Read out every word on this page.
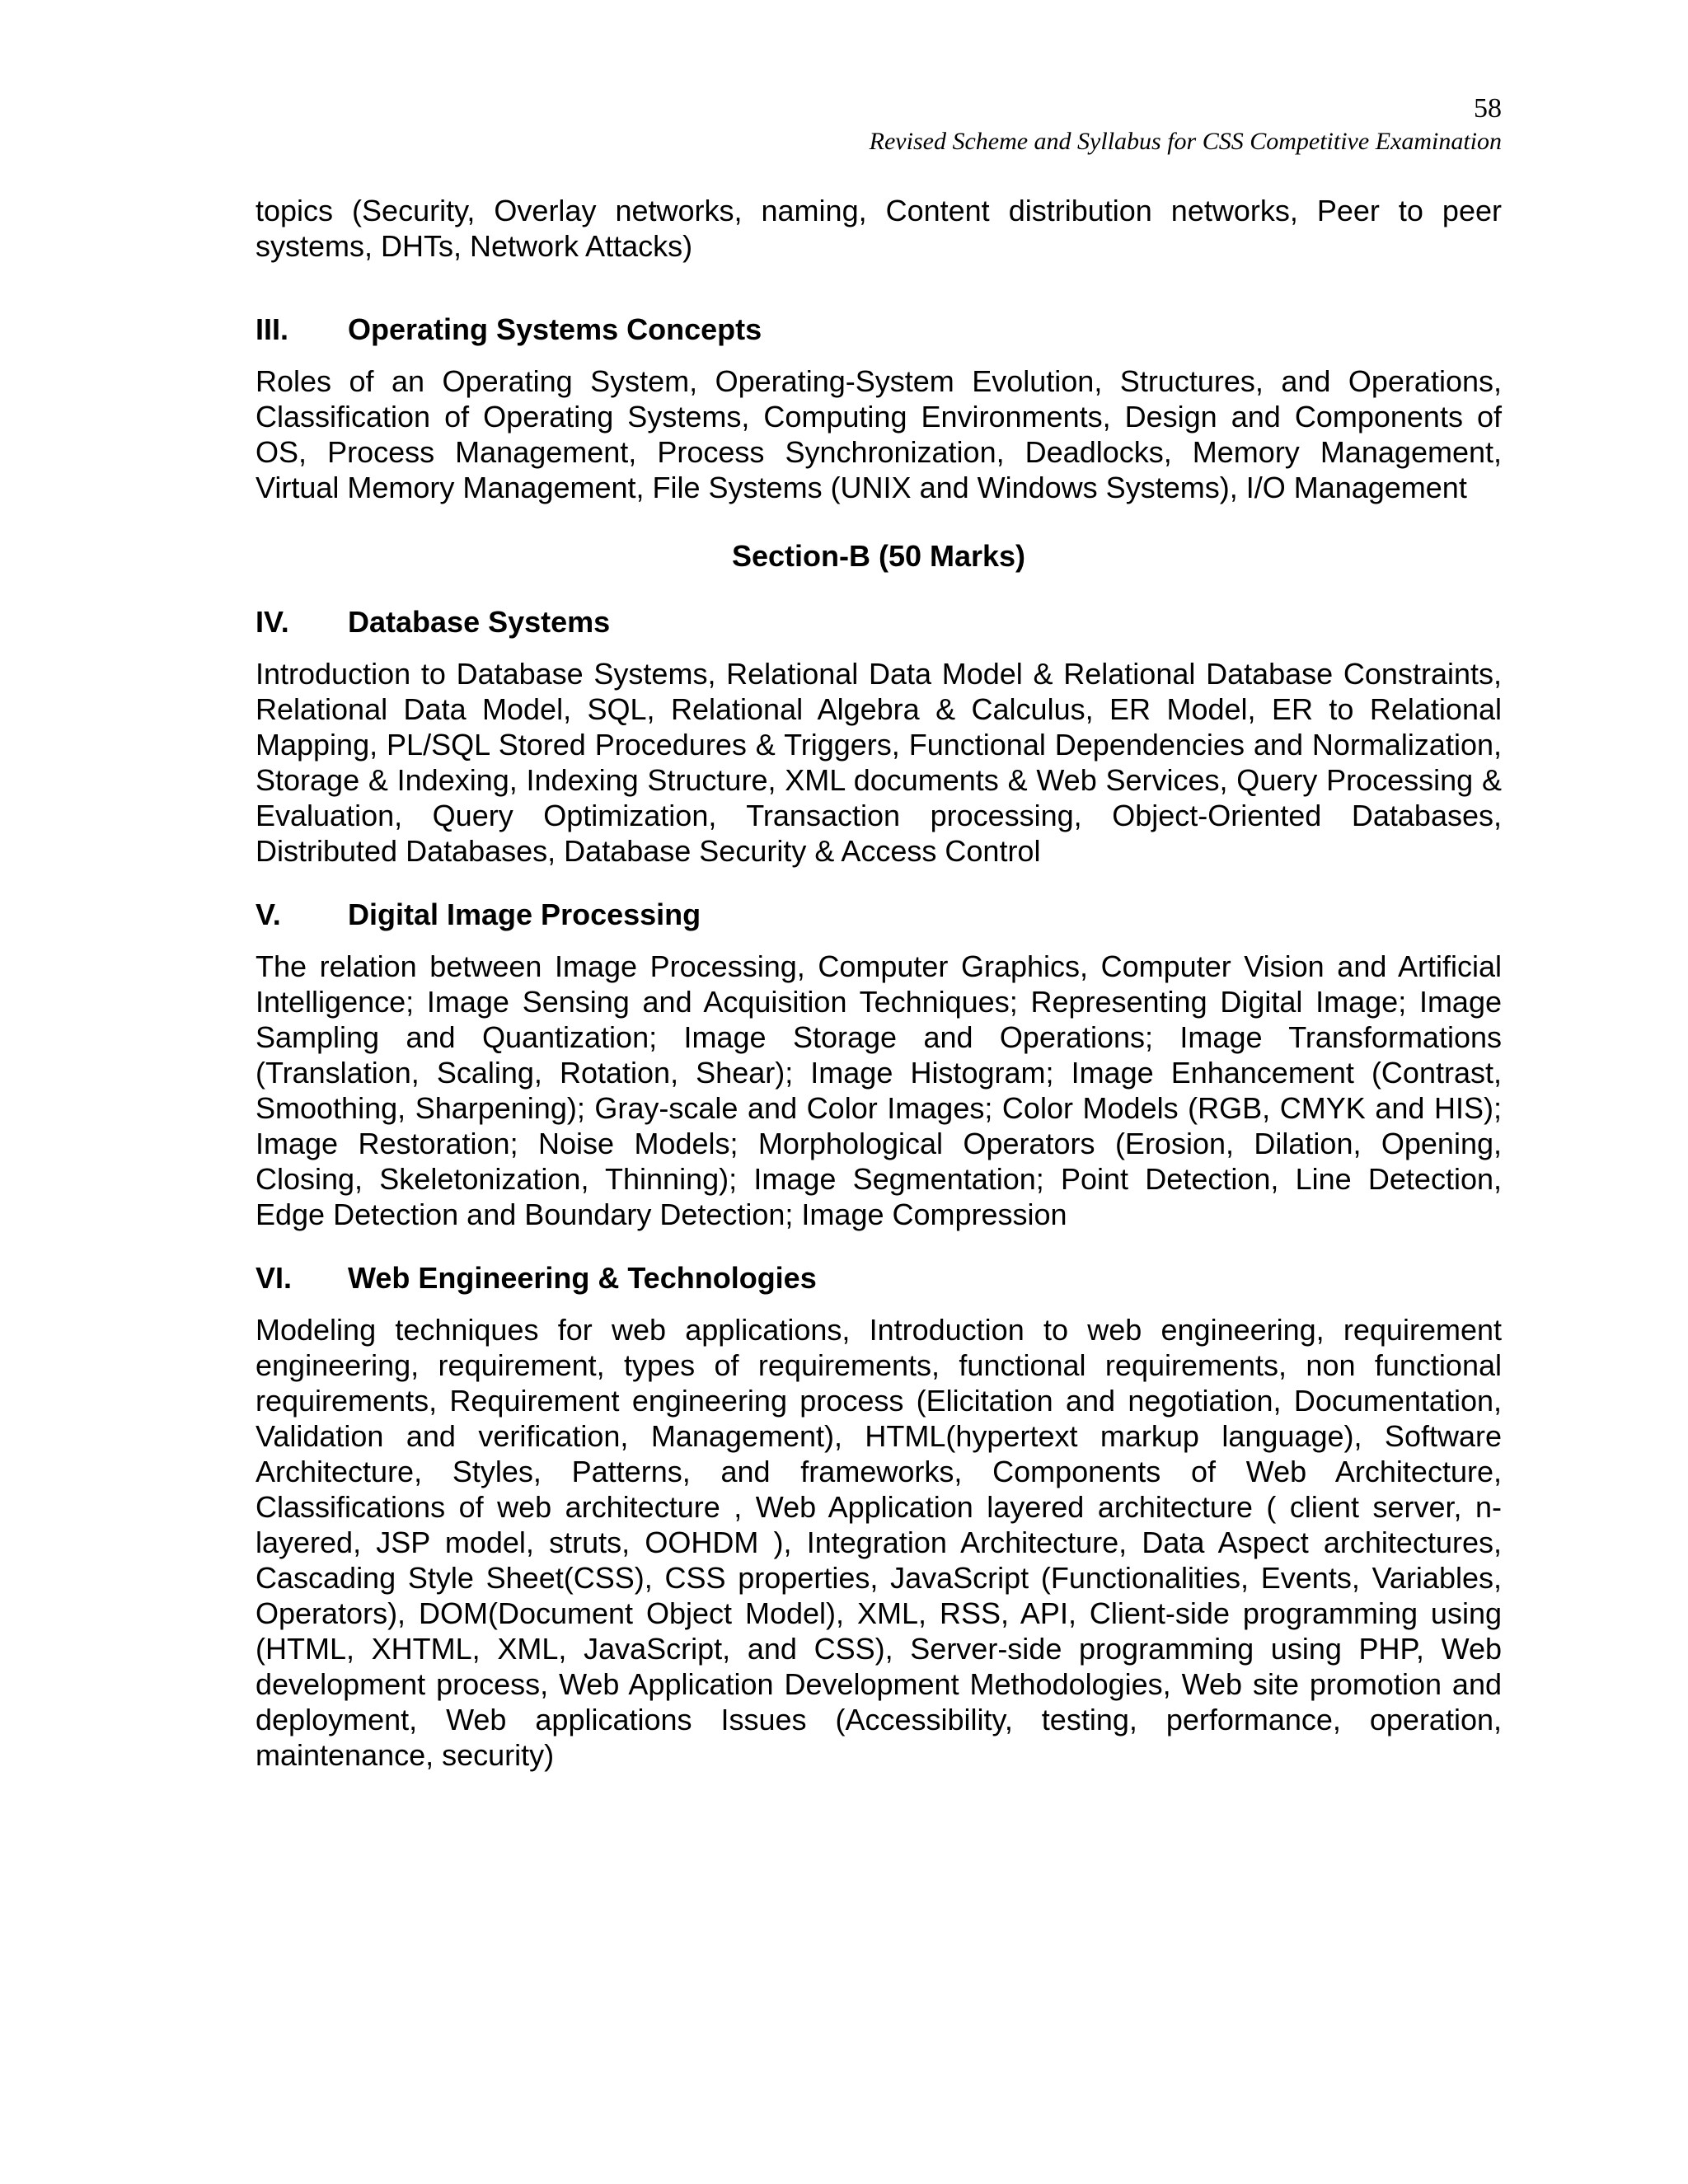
58
Revised Scheme and Syllabus for CSS Competitive Examination

topics (Security, Overlay networks, naming, Content distribution networks, Peer to peer systems, DHTs, Network Attacks)

III. Operating Systems Concepts

Roles of an Operating System, Operating-System Evolution, Structures, and Operations, Classification of Operating Systems, Computing Environments, Design and Components of OS, Process Management, Process Synchronization, Deadlocks, Memory Management, Virtual Memory Management, File Systems (UNIX and Windows Systems), I/O Management

Section-B (50 Marks)
IV. Database Systems

Introduction to Database Systems, Relational Data Model & Relational Database Constraints, Relational Data Model, SQL, Relational Algebra & Calculus, ER Model, ER to Relational Mapping, PL/SQL Stored Procedures & Triggers, Functional Dependencies and Normalization, Storage & Indexing, Indexing Structure, XML documents & Web Services, Query Processing & Evaluation, Query Optimization, Transaction processing, Object-Oriented Databases, Distributed Databases, Database Security & Access Control

V. Digital Image Processing

The relation between Image Processing, Computer Graphics, Computer Vision and Artificial Intelligence; Image Sensing and Acquisition Techniques; Representing Digital Image; Image Sampling and Quantization; Image Storage and Operations; Image Transformations (Translation, Scaling, Rotation, Shear); Image Histogram; Image Enhancement (Contrast, Smoothing, Sharpening); Gray-scale and Color Images; Color Models (RGB, CMYK and HIS); Image Restoration; Noise Models; Morphological Operators (Erosion, Dilation, Opening, Closing, Skeletonization, Thinning); Image Segmentation; Point Detection, Line Detection, Edge Detection and Boundary Detection; Image Compression

VI. Web Engineering & Technologies

Modeling techniques for web applications, Introduction to web engineering, requirement engineering, requirement, types of requirements, functional requirements, non functional requirements, Requirement engineering process (Elicitation and negotiation, Documentation, Validation and verification, Management), HTML(hypertext markup language), Software Architecture, Styles, Patterns, and frameworks, Components of Web Architecture, Classifications of web architecture , Web Application layered architecture ( client server, n- layered, JSP model, struts, OOHDM ), Integration Architecture, Data Aspect architectures, Cascading Style Sheet(CSS), CSS properties, JavaScript (Functionalities, Events, Variables, Operators), DOM(Document Object Model), XML, RSS, API, Client-side programming using (HTML, XHTML, XML, JavaScript, and CSS), Server-side programming using PHP, Web development process, Web Application Development Methodologies, Web site promotion and deployment, Web applications Issues (Accessibility, testing, performance, operation, maintenance, security)
